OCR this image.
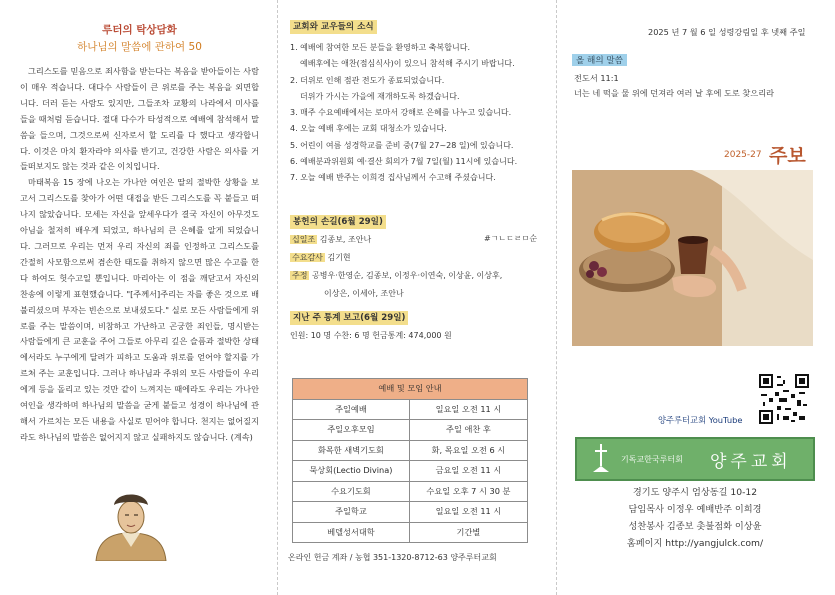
루터의 탁상담화
하나님의 말씀에 관하여 50

그리스도를 믿음으로 죄사함을 받는다는 복음을 받아들이는 사람이 매우 적습니다. 대다수 사람들이 큰 위로를 주는 복음을 외면합니다. 더러 듣는 사람도 있지만, 그들조차 교황의 나라에서 미사를 들을 때처럼 듣습니다. 절대 다수가 타성적으로 예배에 참석해서 말씀을 들으며, 그것으로써 신자로서 할 도리를 다 했다고 생각합니다. 이것은 마치 환자라야 의사를 반기고, 건강한 사람은 의사를 거들떠보지도 않는 것과 같은 이치입니다.

마태복음 15 장에 나오는 가나안 여인은 딸의 절박한 상황을 보고서 그리스도를 찾아가 어떤 대접을 받든 그리스도를 꼭 붙들고 떠나지 않았습니다. 모세는 자신을 앞세우다가 결국 자신이 아무것도 아님을 철저히 배우게 되었고, 하나님의 큰 은혜를 알게 되었습니다. 그러므로 우리는 먼저 우리 자신의 죄를 인정하고 그리스도를 간절히 사모함으로써 겸손한 태도를 취하지 않으면 많은 수고를 한다 하여도 헛수고일 뿐입니다. 마리아는 이 점을 깨닫고서 자신의 찬송에 이렇게 표현했습니다. "[주께서]주리는 자를 좋은 것으로 배불리셨으며 부자는 빈손으로 보내셨도다." 실로 모든 사람들에게 위로를 주는 말씀이며, 비참하고 가난하고 곤궁한 죄인들, 명시받는 사람들에게 큰 교훈을 주어 그들로 아무리 깊은 슬픔과 절박한 상태에서라도 누구에게 달려가 피하고 도움과 위로를 얻어야 할지를 가르쳐 주는 교훈입니다. 그러나 하나님과 주위의 모든 사람들이 우리에게 등을 돌리고 있는 것만 같이 느껴지는 때에라도 우리는 가나안 여인을 생각하며 하나님의 말씀을 굳게 붙들고 성경이 하나님에 관해서 가르치는 모든 내용을 사실로 믿어야 합니다. 천지는 없어질지라도 하나님의 말씀은 없어지지 않고 실패하지도 않습니다. (계속)

교회와 교우들의 소식
1. 예배에 참여한 모든 분들을 환영하고 축복합니다.
예배후에는 애찬(점심식사)이 있으니 참석해 주시기 바랍니다.
2. 더위로 인해 점관 전도가 종료되었습니다.
더위가 가시는 가을에 재개하도록 하겠습니다.
3. 매주 수요예배에서는 로마서 강해로 은혜를 나누고 있습니다.
4. 오늘 예배 후에는 교회 대청소가 있습니다.
5. 어린이 여름 성경학교를 준비 중(7월 27~28 일)에 있습니다.
6. 예배분과위원회 예·결산 회의가 7월 7일(월) 11시에 있습니다.
7. 오늘 예배 반주는 이희경 집사님께서 수고해 주셨습니다.
봉헌의 손길(6월 29일)
십일조 김종보, 조안나
수요감사 김기현
주정 공병우·한영순, 김종보, 이정우·이연숙, 이상윤, 이상후,
이상은, 이세아, 조안나
지난 주 통계 보고(6월 29일)
인원: 10 명 수찬: 6 명 헌금통계: 474,000 원
#ㄱㄴㄷㄹㅁ순
예배 및 모임 안내	
주일예배	일요일 오전 11 시
주일오후모임	주일 애찬 후
화목한 새벽기도회	화, 목요일 오전 6 시
묵상회(Lectio Divina)	금요일 오전 11 시
수요기도회	수요일 오후 7 시 30 분
주일학교	일요일 오전 11 시
베델성서대학	기간별
온라인 헌금 계좌 / 농협 351-1320-8712-63 양주루터교회
2025 년 7 월 6 일 성령강림일 후 넷째 주일
올 해의 말씀
전도서 11:1
너는 네 떡을 물 위에 던져라 여러 날 후에 도로 찾으리라
2025-27 주보
양주루터교회 YouTube
기독교한국루터회 양주교회
경기도 양주시 엄상동길 10-12
담임목사 이정우 예배반주 이희경
성찬봉사 김종보 촛불점화 이상윤
홈페이지 http://yangjulck.com/
